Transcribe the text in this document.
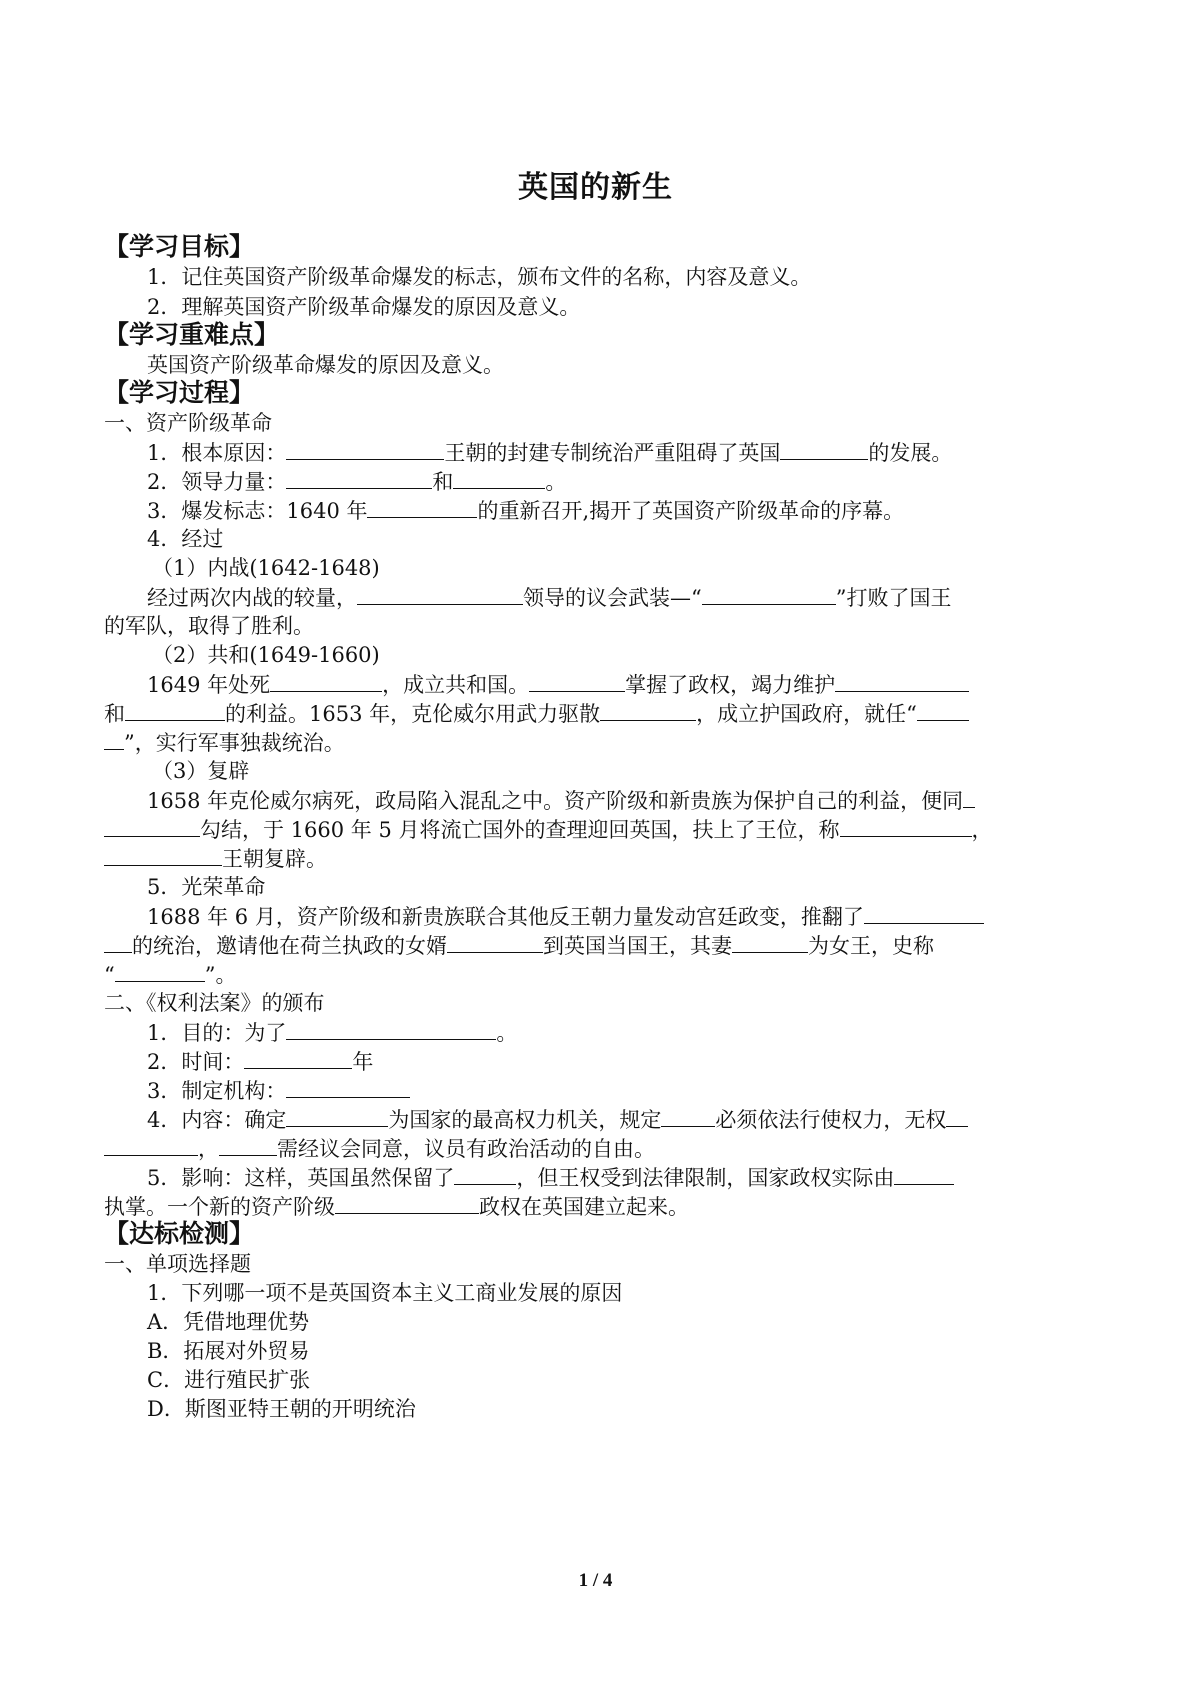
英国的新生
【学习目标】
1．记住英国资产阶级革命爆发的标志，颁布文件的名称，内容及意义。
2．理解英国资产阶级革命爆发的原因及意义。
【学习重难点】
英国资产阶级革命爆发的原因及意义。
【学习过程】
一、资产阶级革命
1．根本原因：	王朝的封建专制统治严重阻碍了英国	的发展。
2．领导力量：	和	。
3．爆发标志：1640 年	的重新召开,揭开了英国资产阶级革命的序幕。
4．经过
（1）内战(1642-1648)
经过两次内战的较量，	领导的议会武装—“	”打败了国王
的军队，取得了胜利。
（2）共和(1649-1660)
1649 年处死	，成立共和国。	掌握了政权，竭力维护
和	的利益。1653 年，克伦威尔用武力驱散	，成立护国政府，就任“
”，实行军事独裁统治。
（3）复辟
1658 年克伦威尔病死，政局陷入混乱之中。资产阶级和新贵族为保护自己的利益，便同
勾结，于 1660 年 5 月将流亡国外的查理迎回英国，扶上了王位，称	，
王朝复辟。
5．光荣革命
1688 年 6 月，资产阶级和新贵族联合其他反王朝力量发动宫廷政变，推翻了
的统治，邀请他在荷兰执政的女婿	到英国当国王，其妻	为女王，史称
“	”。
二、《权利法案》的颁布
1．目的：为了	。
2．时间：	年
3．制定机构：
4．内容：确定	为国家的最高权力机关，规定	必须依法行使权力，无权
，	需经议会同意，议员有政治活动的自由。
5．影响：这样，英国虽然保留了	，但王权受到法律限制，国家政权实际由
执掌。一个新的资产阶级	政权在英国建立起来。
【达标检测】
一、单项选择题
1．下列哪一项不是英国资本主义工商业发展的原因
A．凭借地理优势
B．拓展对外贸易
C．进行殖民扩张
D．斯图亚特王朝的开明统治
1 / 4
